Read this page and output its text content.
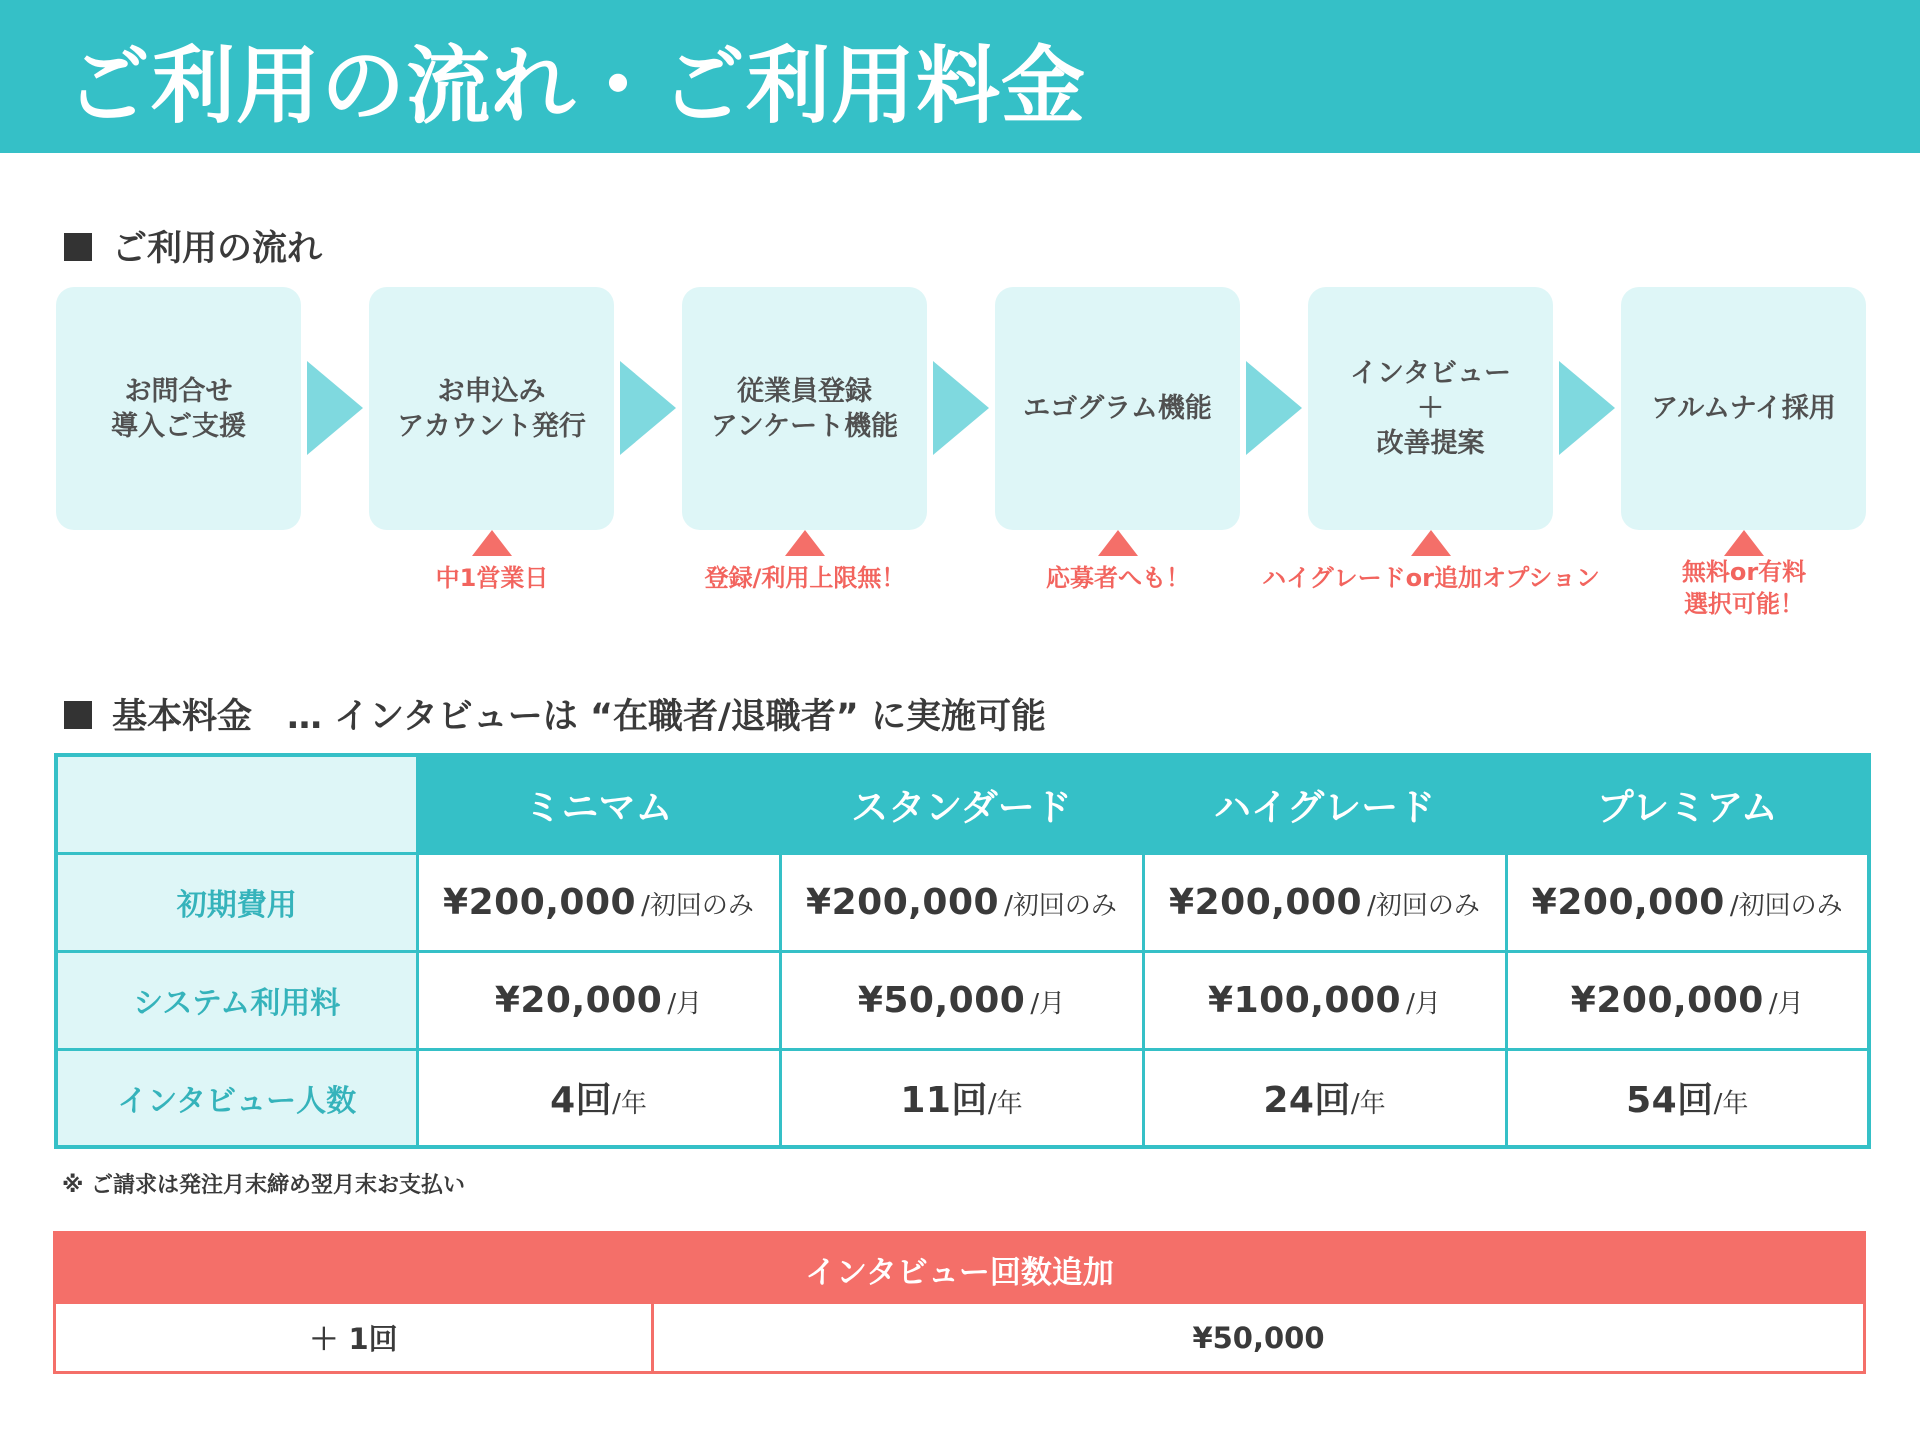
ご利用の流れ・ご利用料金
ご利用の流れ
お問合せ
導入ご支援
お申込み
アカウント発行
従業員登録
アンケート機能
エゴグラム機能
インタビュー
＋
改善提案
アルムナイ採用
中1営業日	登録/利用上限無！	応募者へも！	ハイグレードor追加オプション	無料or有料
選択可能！
基本料金　… インタビューは “在職者/退職者” に実施可能
	ミニマム	スタンダード	ハイグレード	プレミアム
初期費用	¥200,000 /初回のみ	¥200,000 /初回のみ	¥200,000 /初回のみ	¥200,000 /初回のみ
システム利用料	¥20,000 /月	¥50,000 /月	¥100,000 /月	¥200,000 /月
インタビュー人数	4回/年	11回/年	24回/年	54回/年
※ ご請求は発注月末締め翌月末お支払い
インタビュー回数追加
＋ 1回	¥50,000
